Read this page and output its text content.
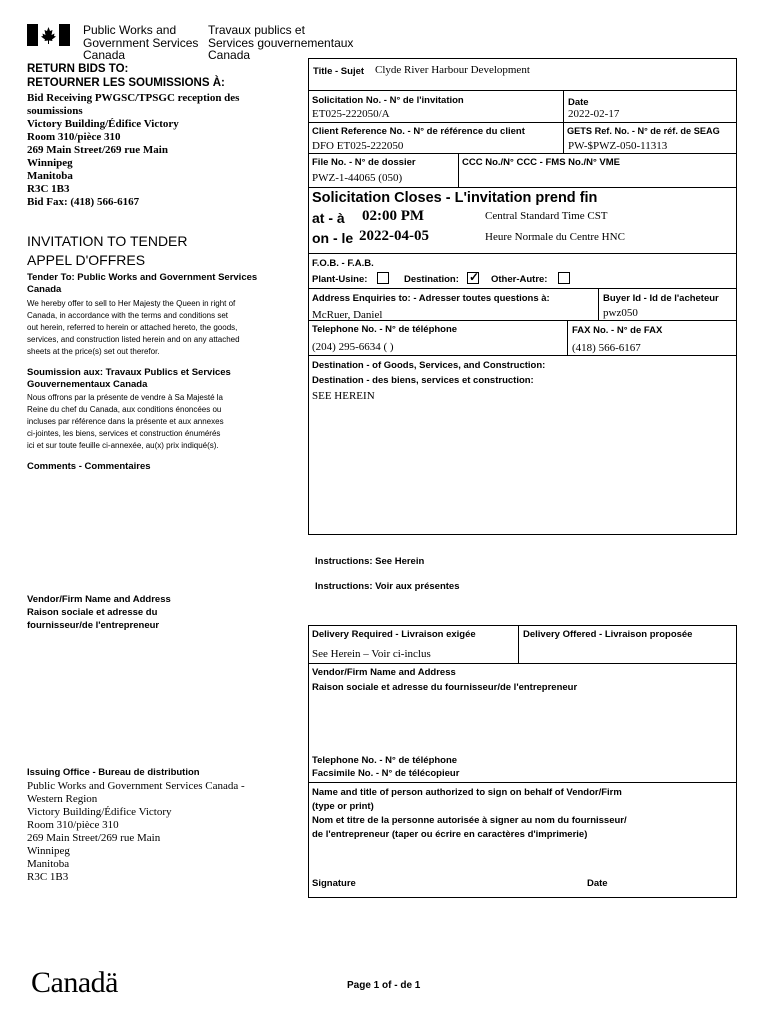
Public Works and
Government Services
Canada
Travaux publics et
Services gouvernementaux
Canada
RETURN BIDS TO:
RETOURNER LES SOUMISSIONS À:
Bid Receiving PWGSC/TPSGC reception des
soumissions
Victory Building/Édifice Victory
Room 310/pièce 310
269 Main Street/269 rue Main
Winnipeg
Manitoba
R3C 1B3
Bid Fax: (418) 566-6167
INVITATION TO TENDER
APPEL D'OFFRES
Tender To: Public Works and Government Services
Canada
We hereby offer to sell to Her Majesty the Queen in right of
Canada, in accordance with the terms and conditions set
out herein, referred to herein or attached hereto, the goods,
services, and construction listed herein and on any attached
sheets at the price(s) set out therefor.
Soumission aux: Travaux Publics et Services
Gouvernementaux Canada
Nous offrons par la présente de vendre à Sa Majesté la
Reine du chef du Canada, aux conditions énoncées ou
incluses par référence dans la présente et aux annexes
ci-jointes, les biens, services et construction énumérés
ici et sur toute feuille ci-annexée, au(x) prix indiqué(s).
Comments - Commentaires
Vendor/Firm Name and Address
Raison sociale et adresse du
fournisseur/de l'entrepreneur
Issuing Office - Bureau de distribution
Public Works and Government Services Canada -
Western Region
Victory Building/Édifice Victory
Room 310/pièce 310
269 Main Street/269 rue Main
Winnipeg
Manitoba
R3C 1B3
Title - Sujet Clyde River Harbour Development
Solicitation No. - N° de l'invitation
ET025-222050/A
Date
2022-02-17
Client Reference No. - N° de référence du client
DFO ET025-222050
GETS Ref. No. - N° de réf. de SEAG
PW-$PWZ-050-11313
File No. - N° de dossier
PWZ-1-44065 (050)
CCC No./N° CCC - FMS No./N° VME
Solicitation Closes - L'invitation prend fin
at - à 02:00 PM	Central Standard Time CST
on - le 2022-04-05	Heure Normale du Centre HNC
F.O.B. - F.A.B.
Plant-Usine:	Destination: ✓ Other-Autre:
Address Enquiries to: - Adresser toutes questions à:
McRuer, Daniel
Buyer Id - Id de l'acheteur
pwz050
Telephone No. - N° de téléphone
(204) 295-6634 ( )
FAX No. - N° de FAX
(418) 566-6167
Destination - of Goods, Services, and Construction:
Destination - des biens, services et construction:
SEE HEREIN
Instructions: See Herein
Instructions: Voir aux présentes
Delivery Required - Livraison exigée
See Herein – Voir ci-inclus
Delivery Offered - Livraison proposée
Vendor/Firm Name and Address
Raison sociale et adresse du fournisseur/de l'entrepreneur
Telephone No. - N° de téléphone
Facsimile No. - N° de télécopieur
Name and title of person authorized to sign on behalf of Vendor/Firm
(type or print)
Nom et titre de la personne autorisée à signer au nom du fournisseur/
de l'entrepreneur (taper ou écrire en caractères d'imprimerie)
Signature	Date
Canadä	Page 1 of - de 1
